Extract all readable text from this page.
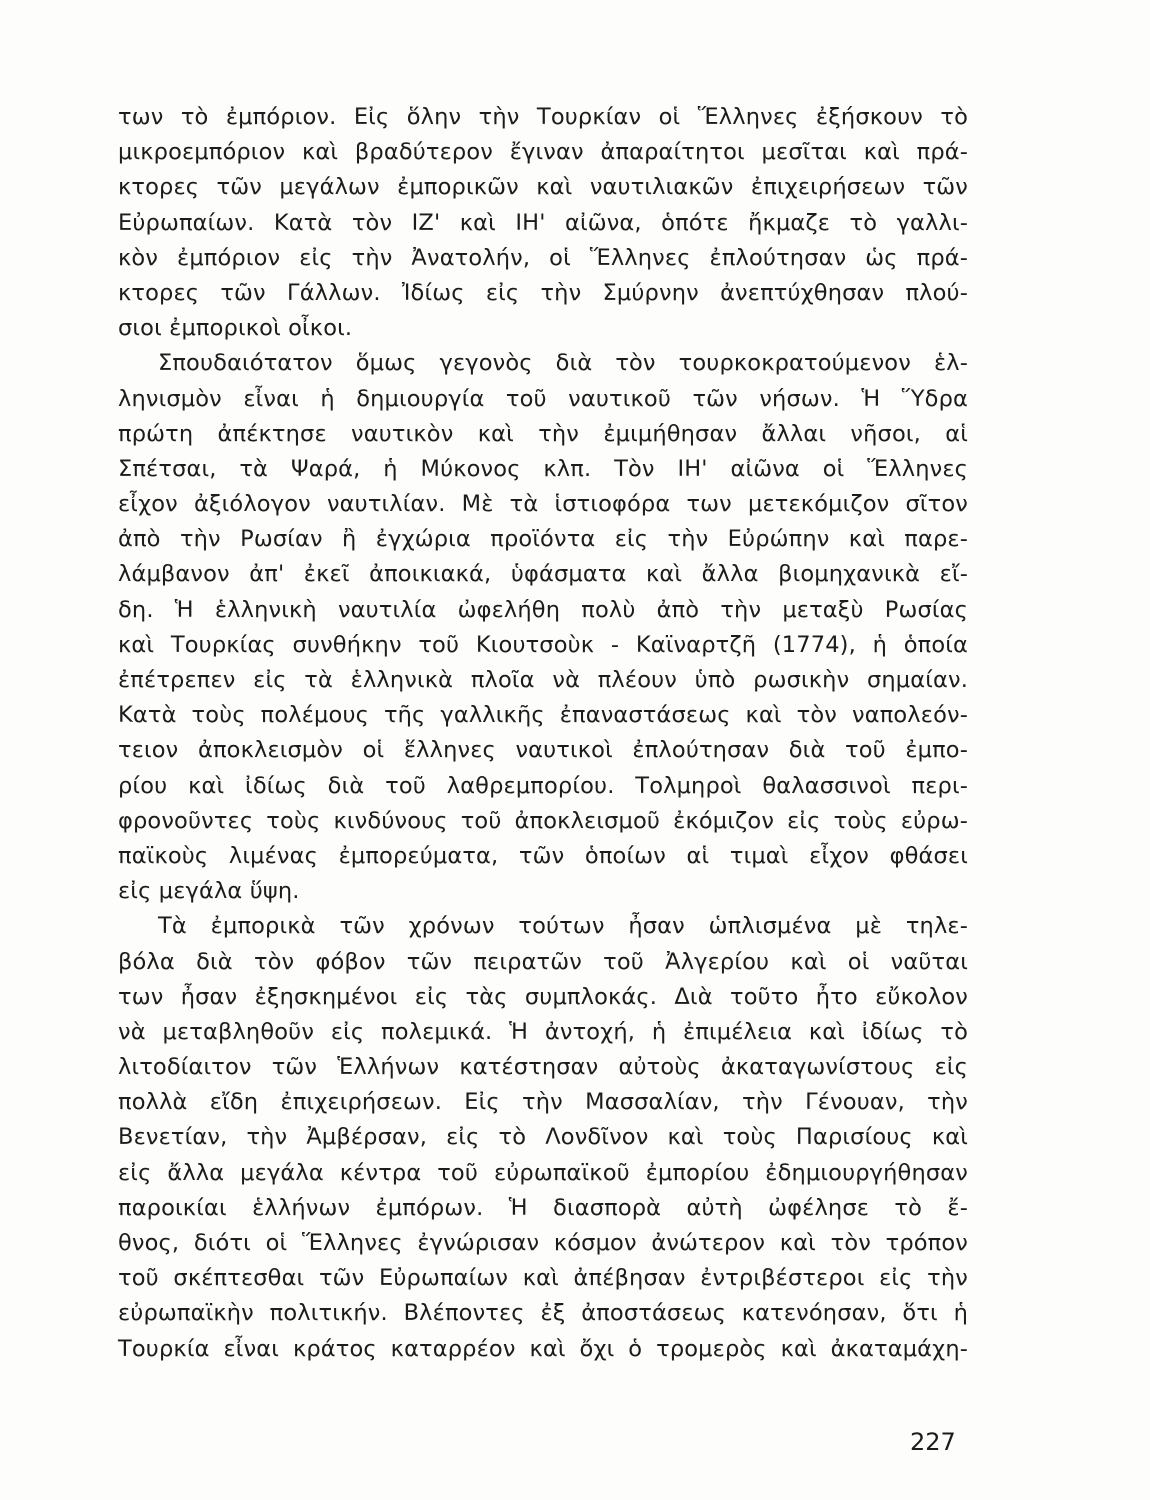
των τὸ ἐμπόριον. Εἰς ὅλην τὴν Τουρκίαν οἱ Ἕλληνες ἐξήσκουν τὸ
μικροεμπόριον καὶ βραδύτερον ἔγιναν ἀπαραίτητοι μεσῖται καὶ πρά-
κτορες τῶν μεγάλων ἐμπορικῶν καὶ ναυτιλιακῶν ἐπιχειρήσεων τῶν
Εὐρωπαίων. Κατὰ τὸν ΙΖ' καὶ ΙΗ' αἰῶνα, ὁπότε ἤκμαζε τὸ γαλλι-
κὸν ἐμπόριον εἰς τὴν Ἀνατολήν, οἱ Ἕλληνες ἐπλούτησαν ὡς πρά-
κτορες τῶν Γάλλων. Ἰδίως εἰς τὴν Σμύρνην ἀνεπτύχθησαν πλού-
σιοι ἐμπορικοὶ οἶκοι.
Σπουδαιότατον ὅμως γεγονὸς διὰ τὸν τουρκοκρατούμενον ἑλ-
ληνισμὸν εἶναι ἡ δημιουργία τοῦ ναυτικοῦ τῶν νήσων. Ἡ Ὕδρα
πρώτη ἀπέκτησε ναυτικὸν καὶ τὴν ἐμιμήθησαν ἄλλαι νῆσοι, αἱ
Σπέτσαι, τὰ Ψαρά, ἡ Μύκονος κλπ. Τὸν ΙΗ' αἰῶνα οἱ Ἕλληνες
εἶχον ἀξιόλογον ναυτιλίαν. Μὲ τὰ ἱστιοφόρα των μετεκόμιζον σῖτον
ἀπὸ τὴν Ρωσίαν ἢ ἐγχώρια προϊόντα εἰς τὴν Εὐρώπην καὶ παρε-
λάμβανον ἀπ' ἐκεῖ ἀποικιακά, ὑφάσματα καὶ ἄλλα βιομηχανικὰ εἴ-
δη. Ἡ ἑλληνικὴ ναυτιλία ὠφελήθη πολὺ ἀπὸ τὴν μεταξὺ Ρωσίας
καὶ Τουρκίας συνθήκην τοῦ Κιουτσοὺκ - Καϊναρτζῆ (1774), ἡ ὁποία
ἐπέτρεπεν εἰς τὰ ἑλληνικὰ πλοῖα νὰ πλέουν ὑπὸ ρωσικὴν σημαίαν.
Κατὰ τοὺς πολέμους τῆς γαλλικῆς ἐπαναστάσεως καὶ τὸν ναπολεόν-
τειον ἀποκλεισμὸν οἱ ἕλληνες ναυτικοὶ ἐπλούτησαν διὰ τοῦ ἐμπο-
ρίου καὶ ἰδίως διὰ τοῦ λαθρεμπορίου. Τολμηροὶ θαλασσινοὶ περι-
φρονοῦντες τοὺς κινδύνους τοῦ ἀποκλεισμοῦ ἐκόμιζον εἰς τοὺς εὐρω-
παϊκοὺς λιμένας ἐμπορεύματα, τῶν ὁποίων αἱ τιμαὶ εἶχον φθάσει
εἰς μεγάλα ὕψη.
Τὰ ἐμπορικὰ τῶν χρόνων τούτων ἦσαν ὡπλισμένα μὲ τηλε-
βόλα διὰ τὸν φόβον τῶν πειρατῶν τοῦ Ἀλγερίου καὶ οἱ ναῦται
των ἦσαν ἐξησκημένοι εἰς τὰς συμπλοκάς. Διὰ τοῦτο ἦτο εὔκολον
νὰ μεταβληθοῦν εἰς πολεμικά. Ἡ ἀντοχή, ἡ ἐπιμέλεια καὶ ἰδίως τὸ
λιτοδίαιτον τῶν Ἑλλήνων κατέστησαν αὐτοὺς ἀκαταγωνίστους εἰς
πολλὰ εἴδη ἐπιχειρήσεων. Εἰς τὴν Μασσαλίαν, τὴν Γένουαν, τὴν
Βενετίαν, τὴν Ἀμβέρσαν, εἰς τὸ Λονδῖνον καὶ τοὺς Παρισίους καὶ
εἰς ἄλλα μεγάλα κέντρα τοῦ εὐρωπαϊκοῦ ἐμπορίου ἐδημιουργήθησαν
παροικίαι ἑλλήνων ἐμπόρων. Ἡ διασπορὰ αὐτὴ ὠφέλησε τὸ ἔ-
θνος, διότι οἱ Ἕλληνες ἐγνώρισαν κόσμον ἀνώτερον καὶ τὸν τρόπον
τοῦ σκέπτεσθαι τῶν Εὐρωπαίων καὶ ἀπέβησαν ἐντριβέστεροι εἰς τὴν
εὐρωπαϊκὴν πολιτικήν. Βλέποντες ἐξ ἀποστάσεως κατενόησαν, ὅτι ἡ
Τουρκία εἶναι κράτος καταρρέον καὶ ὄχι ὁ τρομερὸς καὶ ἀκαταμάχη-
227
